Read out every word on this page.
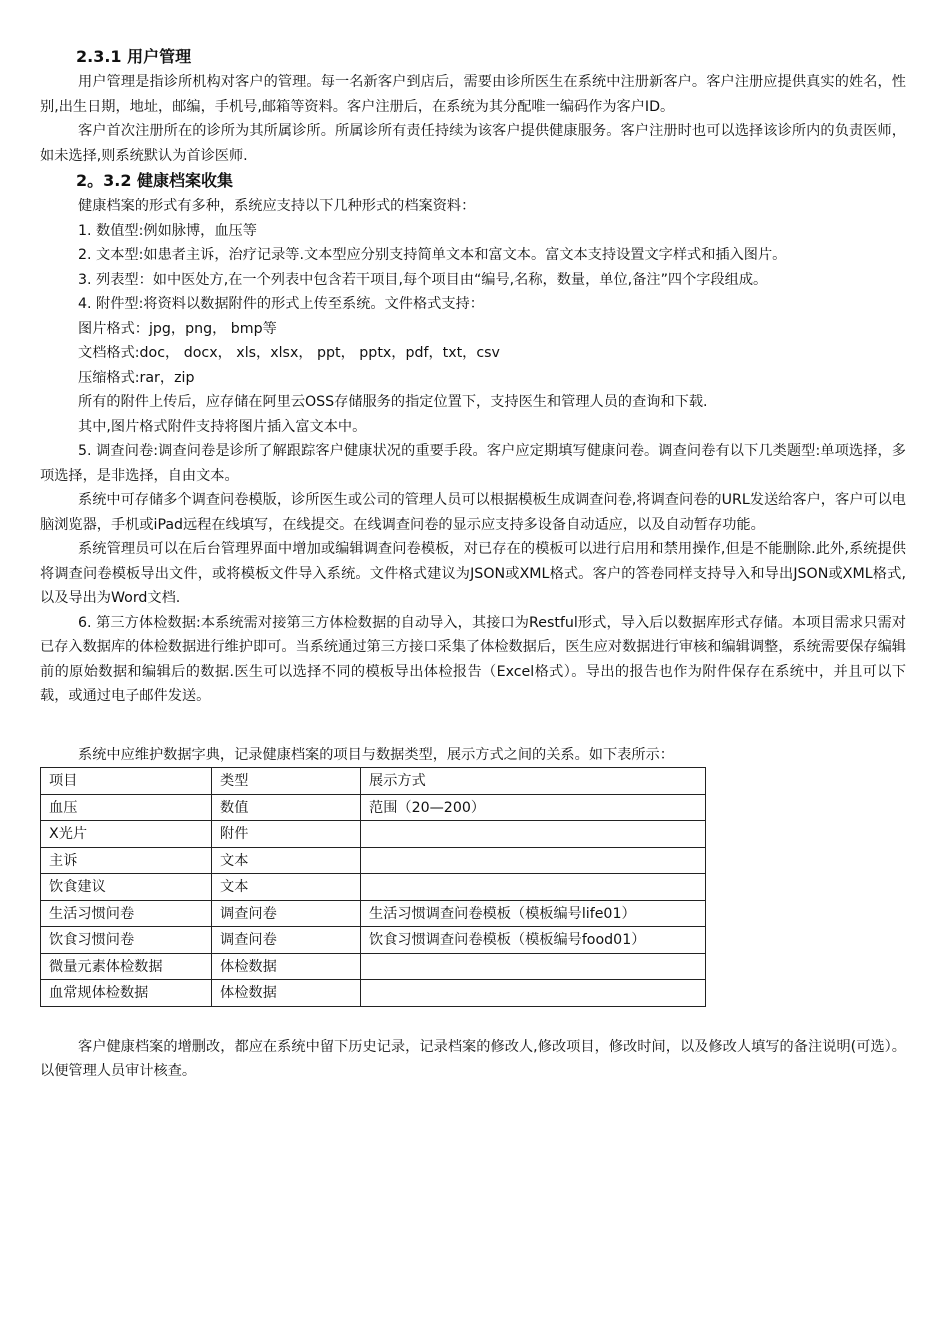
2.3.1 用户管理

用户管理是指诊所机构对客户的管理。每一名新客户到店后，需要由诊所医生在系统中注册新客户。客户注册应提供真实的姓名，性别,出生日期，地址，邮编，手机号,邮箱等资料。客户注册后，在系统为其分配唯一编码作为客户ID。

客户首次注册所在的诊所为其所属诊所。所属诊所有责任持续为该客户提供健康服务。客户注册时也可以选择该诊所内的负责医师，如未选择,则系统默认为首诊医师.

2。3.2 健康档案收集

健康档案的形式有多种，系统应支持以下几种形式的档案资料：

1. 数值型:例如脉博，血压等

2. 文本型:如患者主诉，治疗记录等.文本型应分别支持简单文本和富文本。富文本支持设置文字样式和插入图片。

3. 列表型：如中医处方,在一个列表中包含若干项目,每个项目由“编号,名称，数量，单位,备注”四个字段组成。

4. 附件型:将资料以数据附件的形式上传至系统。文件格式支持：

图片格式：jpg，png， bmp等

文档格式:doc， docx， xls，xlsx， ppt， pptx，pdf，txt，csv

压缩格式:rar，zip

所有的附件上传后，应存储在阿里云OSS存储服务的指定位置下，支持医生和管理人员的查询和下载.

其中,图片格式附件支持将图片插入富文本中。

5. 调查问卷:调查问卷是诊所了解跟踪客户健康状况的重要手段。客户应定期填写健康问卷。调查问卷有以下几类题型:单项选择，多项选择，是非选择，自由文本。

系统中可存储多个调查问卷模版，诊所医生或公司的管理人员可以根据模板生成调查问卷,将调查问卷的URL发送给客户，客户可以电脑浏览器，手机或iPad远程在线填写，在线提交。在线调查问卷的显示应支持多设备自动适应，以及自动暂存功能。

系统管理员可以在后台管理界面中增加或编辑调查问卷模板，对已存在的模板可以进行启用和禁用操作,但是不能删除.此外,系统提供将调查问卷模板导出文件，或将模板文件导入系统。文件格式建议为JSON或XML格式。客户的答卷同样支持导入和导出JSON或XML格式,以及导出为Word文档.

6. 第三方体检数据:本系统需对接第三方体检数据的自动导入，其接口为Restful形式，导入后以数据库形式存储。本项目需求只需对已存入数据库的体检数据进行维护即可。当系统通过第三方接口采集了体检数据后，医生应对数据进行审核和编辑调整，系统需要保存编辑前的原始数据和编辑后的数据.医生可以选择不同的模板导出体检报告（Excel格式）。导出的报告也作为附件保存在系统中，并且可以下载，或通过电子邮件发送。

系统中应维护数据字典，记录健康档案的项目与数据类型，展示方式之间的关系。如下表所示：

项目	类型	展示方式
血压	数值	范围（20—200）
X光片	附件	
主诉	文本	
饮食建议	文本	
生活习惯问卷	调查问卷	生活习惯调查问卷模板（模板编号life01）
饮食习惯问卷	调查问卷	饮食习惯调查问卷模板（模板编号food01）
微量元素体检数据	体检数据	
血常规体检数据	体检数据	

客户健康档案的增删改，都应在系统中留下历史记录，记录档案的修改人,修改项目，修改时间，以及修改人填写的备注说明(可选）。以便管理人员审计核查。
